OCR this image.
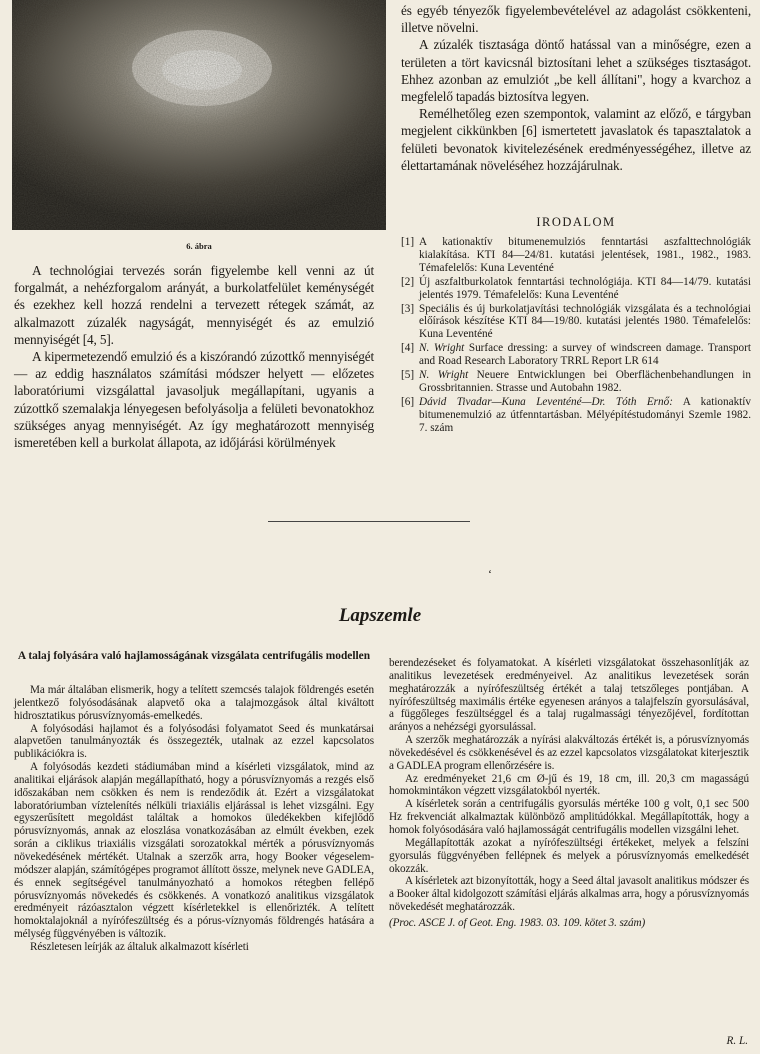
6. ábra

A technológiai tervezés során figyelembe kell venni az út forgalmát, a nehézforgalom arányát, a burkolatfelület keménységét és ezekhez kell hozzá rendelni a tervezett rétegek számát, az alkalmazott zúzalék nagyságát, mennyiségét és az emulzió mennyiségét [4, 5].

A kipermetezendő emulzió és a kiszórandó zúzottkő mennyiségét — az eddig használatos számítási módszer helyett — előzetes laboratóriumi vizsgálattal javasoljuk megállapítani, ugyanis a zúzottkő szemalakja lényegesen befolyásolja a felületi bevonatokhoz szükséges anyag mennyiségét. Az így meghatározott mennyiség ismeretében kell a burkolat állapota, az időjárási körülmények

és egyéb tényezők figyelembevételével az adagolást csökkenteni, illetve növelni.

A zúzalék tisztasága döntő hatással van a minőségre, ezen a területen a tört kavicsnál biztosítani lehet a szükséges tisztaságot. Ehhez azonban az emulziót „be kell állítani", hogy a kvarchoz a megfelelő tapadás biztosítva legyen.

Remélhetőleg ezen szempontok, valamint az előző, e tárgyban megjelent cikkünkben [6] ismertetett javaslatok és tapasztalatok a felületi bevonatok kivitelezésének eredményességéhez, illetve az élettartamának növeléséhez hozzájárulnak.

IRODALOM
[1] A kationaktív bitumenemulziós fenntartási aszfalttechnológiák kialakítása. KTI 84—24/81. kutatási jelentések, 1981., 1982., 1983. Témafelelős: Kuna Leventéné
[2] Új aszfaltburkolatok fenntartási technológiája. KTI 84—14/79. kutatási jelentés 1979. Témafelelős: Kuna Leventéné
[3] Speciális és új burkolatjavítási technológiák vizsgálata és a technológiai előírások készítése KTI 84—19/80. kutatási jelentés 1980. Témafelelős: Kuna Leventéné
[4] N. Wright Surface dressing: a survey of windscreen damage. Transport and Road Research Laboratory TRRL Report LR 614
[5] N. Wright Neuere Entwicklungen bei Oberflächenbehandlungen in Grossbritannien. Strasse und Autobahn 1982.
[6] Dávid Tivadar—Kuna Leventéné—Dr. Tóth Ernő: A kationaktív bitumenemulzió az útfenntartásban. Mélyépítéstudományi Szemle 1982. 7. szám
ʻ
Lapszemle
A talaj folyására való hajlamosságának vizsgálata centrifugális modellen

Ma már általában elismerik, hogy a telített szemcsés talajok földrengés esetén jelentkező folyósodásának alapvető oka a talajmozgások által kiváltott hidrosztatikus pórusvíznyomás-emelkedés.

A folyósodási hajlamot és a folyósodási folyamatot Seed és munkatársai alapvetően tanulmányozták és összegezték, utalnak az ezzel kapcsolatos publikációkra is.

A folyósodás kezdeti stádiumában mind a kísérleti vizsgálatok, mind az analitikai eljárások alapján megállapítható, hogy a pórusvíznyomás a rezgés első időszakában nem csökken és nem is rendeződik át. Ezért a vizsgálatokat laboratóriumban víztelenítés nélküli triaxiális eljárással is lehet vizsgálni. Egy egyszerűsített megoldást találtak a homokos üledékekben kifejlődő pórusvíznyomás, annak az eloszlása vonatkozásában az elmúlt években, ezek során a ciklikus triaxiális vizsgálati sorozatokkal mérték a pórusvíznyomás növekedésének mértékét. Utalnak a szerzők arra, hogy Booker végeselem-módszer alapján, számítógépes programot állított össze, melynek neve GADLEA, és ennek segítségével tanulmányozható a homokos rétegben fellépő pórusvíznyomás növekedés és csökkenés. A vonatkozó analitikus vizsgálatok eredményeit rázóasztalon végzett kísérletekkel is ellenőrizték. A telített homoktalajoknál a nyírófeszültség és a pórus-víznyomás földrengés hatására a mélység függvényében is változik.

Részletesen leírják az általuk alkalmazott kísérleti

berendezéseket és folyamatokat. A kísérleti vizsgálatokat összehasonlítják az analitikus levezetések eredményeivel. Az analitikus levezetések során meghatározzák a nyírófeszültség értékét a talaj tetszőleges pontjában. A nyírófeszültség maximális értéke egyenesen arányos a talajfelszín gyorsulásával, a függőleges feszültséggel és a talaj rugalmassági tényezőjével, fordítottan arányos a nehézségi gyorsulással.

A szerzők meghatározzák a nyírási alakváltozás értékét is, a pórusvíznyomás növekedésével és csökkenésével és az ezzel kapcsolatos vizsgálatokat kiterjesztik a GADLEA program ellenőrzésére is.

Az eredményeket 21,6 cm Ø-jű és 19, 18 cm, ill. 20,3 cm magasságú homokmintákon végzett vizsgálatokból nyerték.

A kísérletek során a centrifugális gyorsulás mértéke 100 g volt, 0,1 sec 500 Hz frekvenciát alkalmaztak különböző amplitúdókkal. Megállapították, hogy a homok folyósodására való hajlamosságát centrifugális modellen vizsgálni lehet.

Megállapították azokat a nyírófeszültségi értékeket, melyek a felszíni gyorsulás függvényében fellépnek és melyek a pórusvíznyomás emelkedését okozzák.

A kísérletek azt bizonyították, hogy a Seed által javasolt analitikus módszer és a Booker által kidolgozott számítási eljárás alkalmas arra, hogy a pórusvíznyomás növekedését meghatározzák.

(Proc. ASCE J. of Geot. Eng. 1983. 03. 109. kötet 3. szám)

R. L.
